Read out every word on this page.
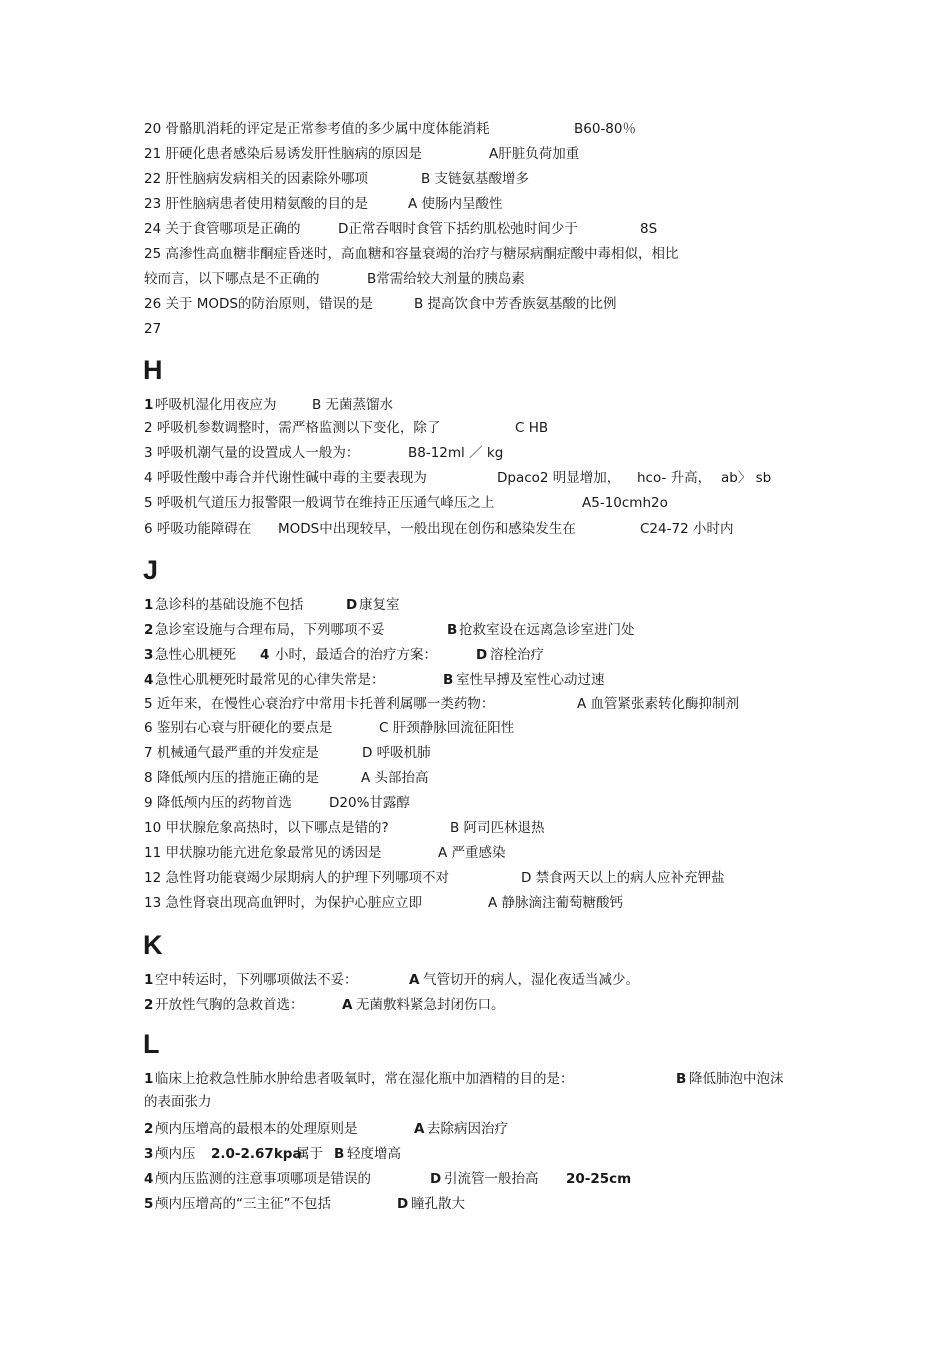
20 骨骼肌消耗的评定是正常参考值的多少属中度体能消耗	B60-80％
21 肝硬化患者感染后易诱发肝性脑病的原因是	A肝脏负荷加重
22 肝性脑病发病相关的因素除外哪项	B 支链氨基酸增多
23 肝性脑病患者使用精氨酸的目的是	A 使肠内呈酸性
24 关于食管哪项是正确的	D正常吞咽时食管下括约肌松弛时间少于	8S
25 高渗性高血糖非酮症昏迷时，高血糖和容量衰竭的治疗与糖尿病酮症酸中毒相似，相比
较而言，以下哪点是不正确的	B常需给较大剂量的胰岛素
26 关于 MODS的防治原则，错误的是	B 提高饮食中芳香族氨基酸的比例
27
H
1 呼吸机湿化用夜应为	B 无菌蒸馏水
2 呼吸机参数调整时，需严格监测以下变化，除了	C HB
3 呼吸机潮气量的设置成人一般为：	B8-12ml ／ kg
4 呼吸性酸中毒合并代谢性碱中毒的主要表现为	Dpaco2 明显增加， hco- 升高， ab〉 sb
5 呼吸机气道压力报警限一般调节在维持正压通气峰压之上	A5-10cmh2o
6 呼吸功能障碍在 MODS中出现较早，一般出现在创伤和感染发生在	C24-72 小时内
J
1 急诊科的基础设施不包括	D 康复室
2 急诊室设施与合理布局，下列哪项不妥	B 抢救室设在远离急诊室进门处
3 急性心肌梗死 4 小时，最适合的治疗方案：	D 溶栓治疗
4 急性心肌梗死时最常见的心律失常是：	B 室性早搏及室性心动过速
5 近年来，在慢性心衰治疗中常用卡托普利属哪一类药物：	A 血管紧张素转化酶抑制剂
6 鉴别右心衰与肝硬化的要点是	C 肝颈静脉回流征阳性
7 机械通气最严重的并发症是	D 呼吸机肺
8 降低颅内压的措施正确的是	A 头部抬高
9 降低颅内压的药物首选	D20%甘露醇
10 甲状腺危象高热时，以下哪点是错的?	B 阿司匹林退热
11 甲状腺功能亢进危象最常见的诱因是	A 严重感染
12 急性肾功能衰竭少尿期病人的护理下列哪项不对	D 禁食两天以上的病人应补充钾盐
13 急性肾衰出现高血钾时，为保护心脏应立即	A 静脉滴注葡萄糖酸钙
K
1 空中转运时，下列哪项做法不妥：	A 气管切开的病人，湿化夜适当减少。
2 开放性气胸的急救首选：	A 无菌敷料紧急封闭伤口。
L
1 临床上抢救急性肺水肿给患者吸氧时，常在湿化瓶中加酒精的目的是：	B 降低肺泡中泡沫
的表面张力
2 颅内压增高的最根本的处理原则是	A 去除病因治疗
3 颅内压 2.0-2.67kpa
属于 B 轻度增高
4 颅内压监测的注意事项哪项是错误的	D 引流管一般抬高 20-25cm
5 颅内压增高的“三主征”不包括	D 瞳孔散大
